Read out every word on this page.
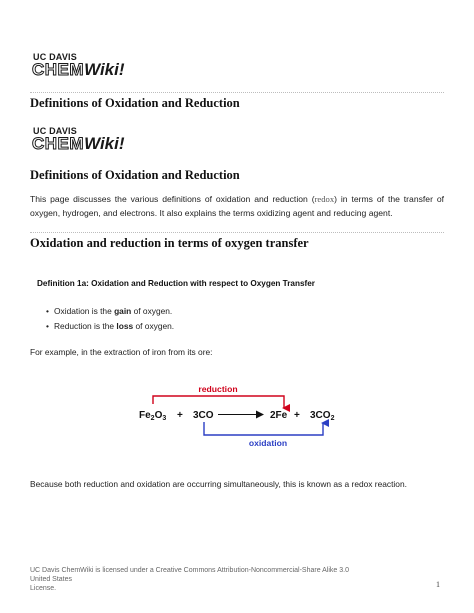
UC DAVIS
CHEMWiki!
Definitions of Oxidation and Reduction
UC DAVIS
CHEMWiki!
Definitions of Oxidation and Reduction

This page discusses the various definitions of oxidation and reduction (redox) in terms of the transfer of oxygen, hydrogen, and electrons. It also explains the terms oxidizing agent and reducing agent.

Oxidation and reduction in terms of oxygen transfer

Definition 1a: Oxidation and Reduction with respect to Oxygen Transfer

• Oxidation is the gain of oxygen.
• Reduction is the loss of oxygen.

For example, in the extraction of iron from its ore:

reduction
oxidation
$Fe_2O_3 + 3CO$	$2Fe + 3CO_2$

Because both reduction and oxidation are occurring simultaneously, this is known as a redox reaction.

UC Davis ChemWiki is licensed under a Creative Commons Attribution-Noncommercial-Share Alike 3.0 United States
License.	1
